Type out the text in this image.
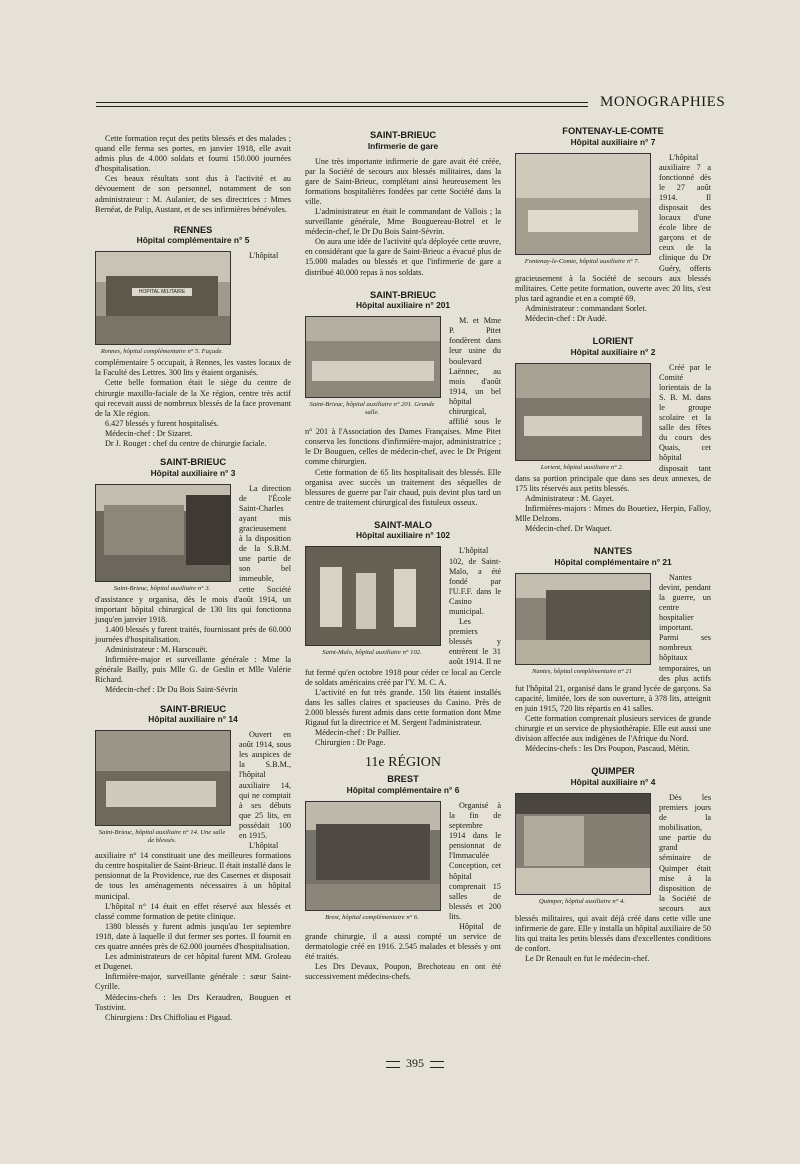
MONOGRAPHIES

Cette formation reçut des petits blessés et des malades ; quand elle ferma ses portes, en janvier 1918, elle avait admis plus de 4.000 soldats et fourni 150.000 journées d'hospitalisation.

Ces beaux résultats sont dus à l'activité et au dévouement de son personnel, notamment de son administrateur : M. Aulanier, de ses directrices : Mmes Bernéat, de Palip, Austant, et de ses infirmières bénévoles.

RENNES
Hôpital complémentaire n° 5
HOPITAL MILITAIRE
Rennes, hôpital complémentaire n° 5. Façade.

L'hôpital complémentaire 5 occupait, à Rennes, les vastes locaux de la Faculté des Lettres. 300 lits y étaient organisés.

Cette belle formation était le siège du centre de chirurgie maxillo-faciale de la Xe région, centre très actif qui recevait aussi de nombreux blessés de la face provenant de la XIe région.

6.427 blessés y furent hospitalisés.

Médecin-chef : Dr Sizaret.

Dr J. Rouget : chef du centre de chirurgie faciale.

SAINT-BRIEUC
Hôpital auxiliaire n° 3
Saint-Brieuc, hôpital auxiliaire n° 3.

La direction de l'École Saint-Charles ayant mis gracieusement à la disposition de la S.B.M. une partie de son bel immeuble, cette Société d'assistance y organisa, dès le mois d'août 1914, un important hôpital chirurgical de 130 lits qui fonctionna jusqu'en janvier 1918.

1.400 blessés y furent traités, fournissant près de 60.000 journées d'hospitalisation.

Administrateur : M. Harscouët.

Infirmière-major et surveillante générale : Mme la générale Bailly, puis Mlle G. de Geslin et Mlle Valérie Richard.

Médecin-chef : Dr Du Bois Saint-Sévrin

SAINT-BRIEUC
Hôpital auxiliaire n° 14
Saint-Brieuc, hôpital auxiliaire n° 14. Une salle de blessés.

Ouvert en août 1914, sous les auspices de la S.B.M., l'hôpital auxiliaire 14, qui ne comptait à ses débuts que 25 lits, en possédait 100 en 1915.

L'hôpital auxiliaire n° 14 constituait une des meilleures formations du centre hospitalier de Saint-Brieuc. Il était installé dans le pensionnat de la Providence, rue des Casernes et disposait de tous les aménagements nécessaires à un hôpital municipal.

L'hôpital n° 14 était en effet réservé aux blessés et classé comme formation de petite clinique.

1380 blessés y furent admis jusqu'au 1er septembre 1918, date à laquelle il dut fermer ses portes. Il fournit en ces quatre années près de 62.000 journées d'hospitalisation.

Les administrateurs de cet hôpital furent MM. Groleau et Dugenet.

Infirmière-major, surveillante générale : sœur Saint-Cyrille.

Médecins-chefs : les Drs Keraudren, Bouguen et Tostivint.

Chirurgiens : Drs Chiffoliau et Pigaud.

SAINT-BRIEUC
Infirmerie de gare

Une très importante infirmerie de gare avait été créée, par la Société de secours aux blessés militaires, dans la gare de Saint-Brieuc, complétant ainsi heureusement les formations hospitalières fondées par cette Société dans la ville.

L'administrateur en était le commandant de Vallois ; la surveillante générale, Mme Bouguereau-Botrel et le médecin-chef, le Dr Du Bois Saint-Sévrin.

On aura une idée de l'activité qu'a déployée cette œuvre, en considérant que la gare de Saint-Brieuc a évacué plus de 15.000 malades ou blessés et que l'infirmerie de gare a distribué 40.000 repas à nos soldats.

SAINT-BRIEUC
Hôpital auxiliaire n° 201
Saint-Brieuc, hôpital auxiliaire n° 201. Grande salle.

M. et Mme P. Pitet fondèrent dans leur usine du boulevard Laënnec, au mois d'août 1914, un bel hôpital chirurgical, affilié sous le n° 201 à l'Association des Dames Françaises. Mme Pitet conserva les fonctions d'infirmière-major, administratrice ; le Dr Bouguen, celles de médecin-chef, avec le Dr Prigent comme chirurgien.

Cette formation de 65 lits hospitalisait des blessés. Elle organisa avec succès un traitement des séquelles de blessures de guerre par l'air chaud, puis devint plus tard un centre de traitement chirurgical des fistuleux osseux.

SAINT-MALO
Hôpital auxiliaire n° 102
Saint-Malo, hôpital auxiliaire n° 102.

L'hôpital 102, de Saint-Malo, a été fondé par l'U.F.F. dans le Casino municipal.

Les premiers blessés y entrèrent le 31 août 1914. Il ne fut fermé qu'en octobre 1918 pour céder ce local au Cercle de soldats américains créé par l'Y. M. C. A.

L'activité en fut très grande. 150 lits étaient installés dans les salles claires et spacieuses du Casino. Près de 2.000 blessés furent admis dans cette formation dont Mme Rigaud fut la directrice et M. Sergent l'administrateur.

Médecin-chef : Dr Pallier.

Chirurgien : Dr Page.

11e RÉGION
BREST
Hôpital complémentaire n° 6
Brest, hôpital complémentaire n° 6.

Organisé à la fin de septembre 1914 dans le pensionnat de l'Immaculée Conception, cet hôpital comprenait 15 salles de blessés et 200 lits.

Hôpital de grande chirurgie, il a aussi compté un service de dermatologie créé en 1916. 2.545 malades et blessés y ont été traités.

Les Drs Devaux, Poupon, Brechoteau en ont été successivement médecins-chefs.

FONTENAY-LE-COMTE
Hôpital auxiliaire n° 7
Fontenay-le-Comte, hôpital auxiliaire n° 7.

L'hôpital auxiliaire 7 a fonctionné dès le 27 août 1914. Il disposait des locaux d'une école libre de garçons et de ceux de la clinique du Dr Guéry, offerts gracieusement à la Société de secours aux blessés militaires. Cette petite formation, ouverte avec 20 lits, s'est plus tard agrandie et en a compté 69.

Administrateur : commandant Sorlet.

Médecin-chef : Dr Audé.

LORIENT
Hôpital auxiliaire n° 2
Lorient, hôpital auxiliaire n° 2.

Créé par le Comité lorientais de la S. B. M. dans le groupe scolaire et la salle des fêtes du cours des Quais, cet hôpital disposait tant dans sa portion principale que dans ses deux annexes, de 175 lits réservés aux petits blessés.

Administrateur : M. Gayet.

Infirmières-majors : Mmes du Bouetiez, Herpin, Falloy, Mlle Delzons.

Médecin-chef. Dr Waquet.

NANTES
Hôpital complémentaire n° 21
Nantes, hôpital complémentaire n° 21

Nantes devint, pendant la guerre, un centre hospitalier important. Parmi ses nombreux hôpitaux temporaires, un des plus actifs fut l'hôpital 21, organisé dans le grand lycée de garçons. Sa capacité, limitée, lors de son ouverture, à 378 lits, atteignit en juin 1915, 720 lits répartis en 41 salles.

Cette formation comprenait plusieurs services de grande chirurgie et un service de physiothérapie. Elle eut aussi une division affectée aux indigènes de l'Afrique du Nord.

Médecins-chefs : les Drs Poupon, Pascaud, Métin.

QUIMPER
Hôpital auxiliaire n° 4
Quimper, hôpital auxiliaire n° 4.

Dès les premiers jours de la mobilisation, une partie du grand séminaire de Quimper était mise à la disposition de la Société de secours aux blessés militaires, qui avait déjà créé dans cette ville une infirmerie de gare. Elle y installa un hôpital auxiliaire de 50 lits qui traita les petits blessés dans d'excellentes conditions de confort.

Le Dr Renault en fut le médecin-chef.

395
